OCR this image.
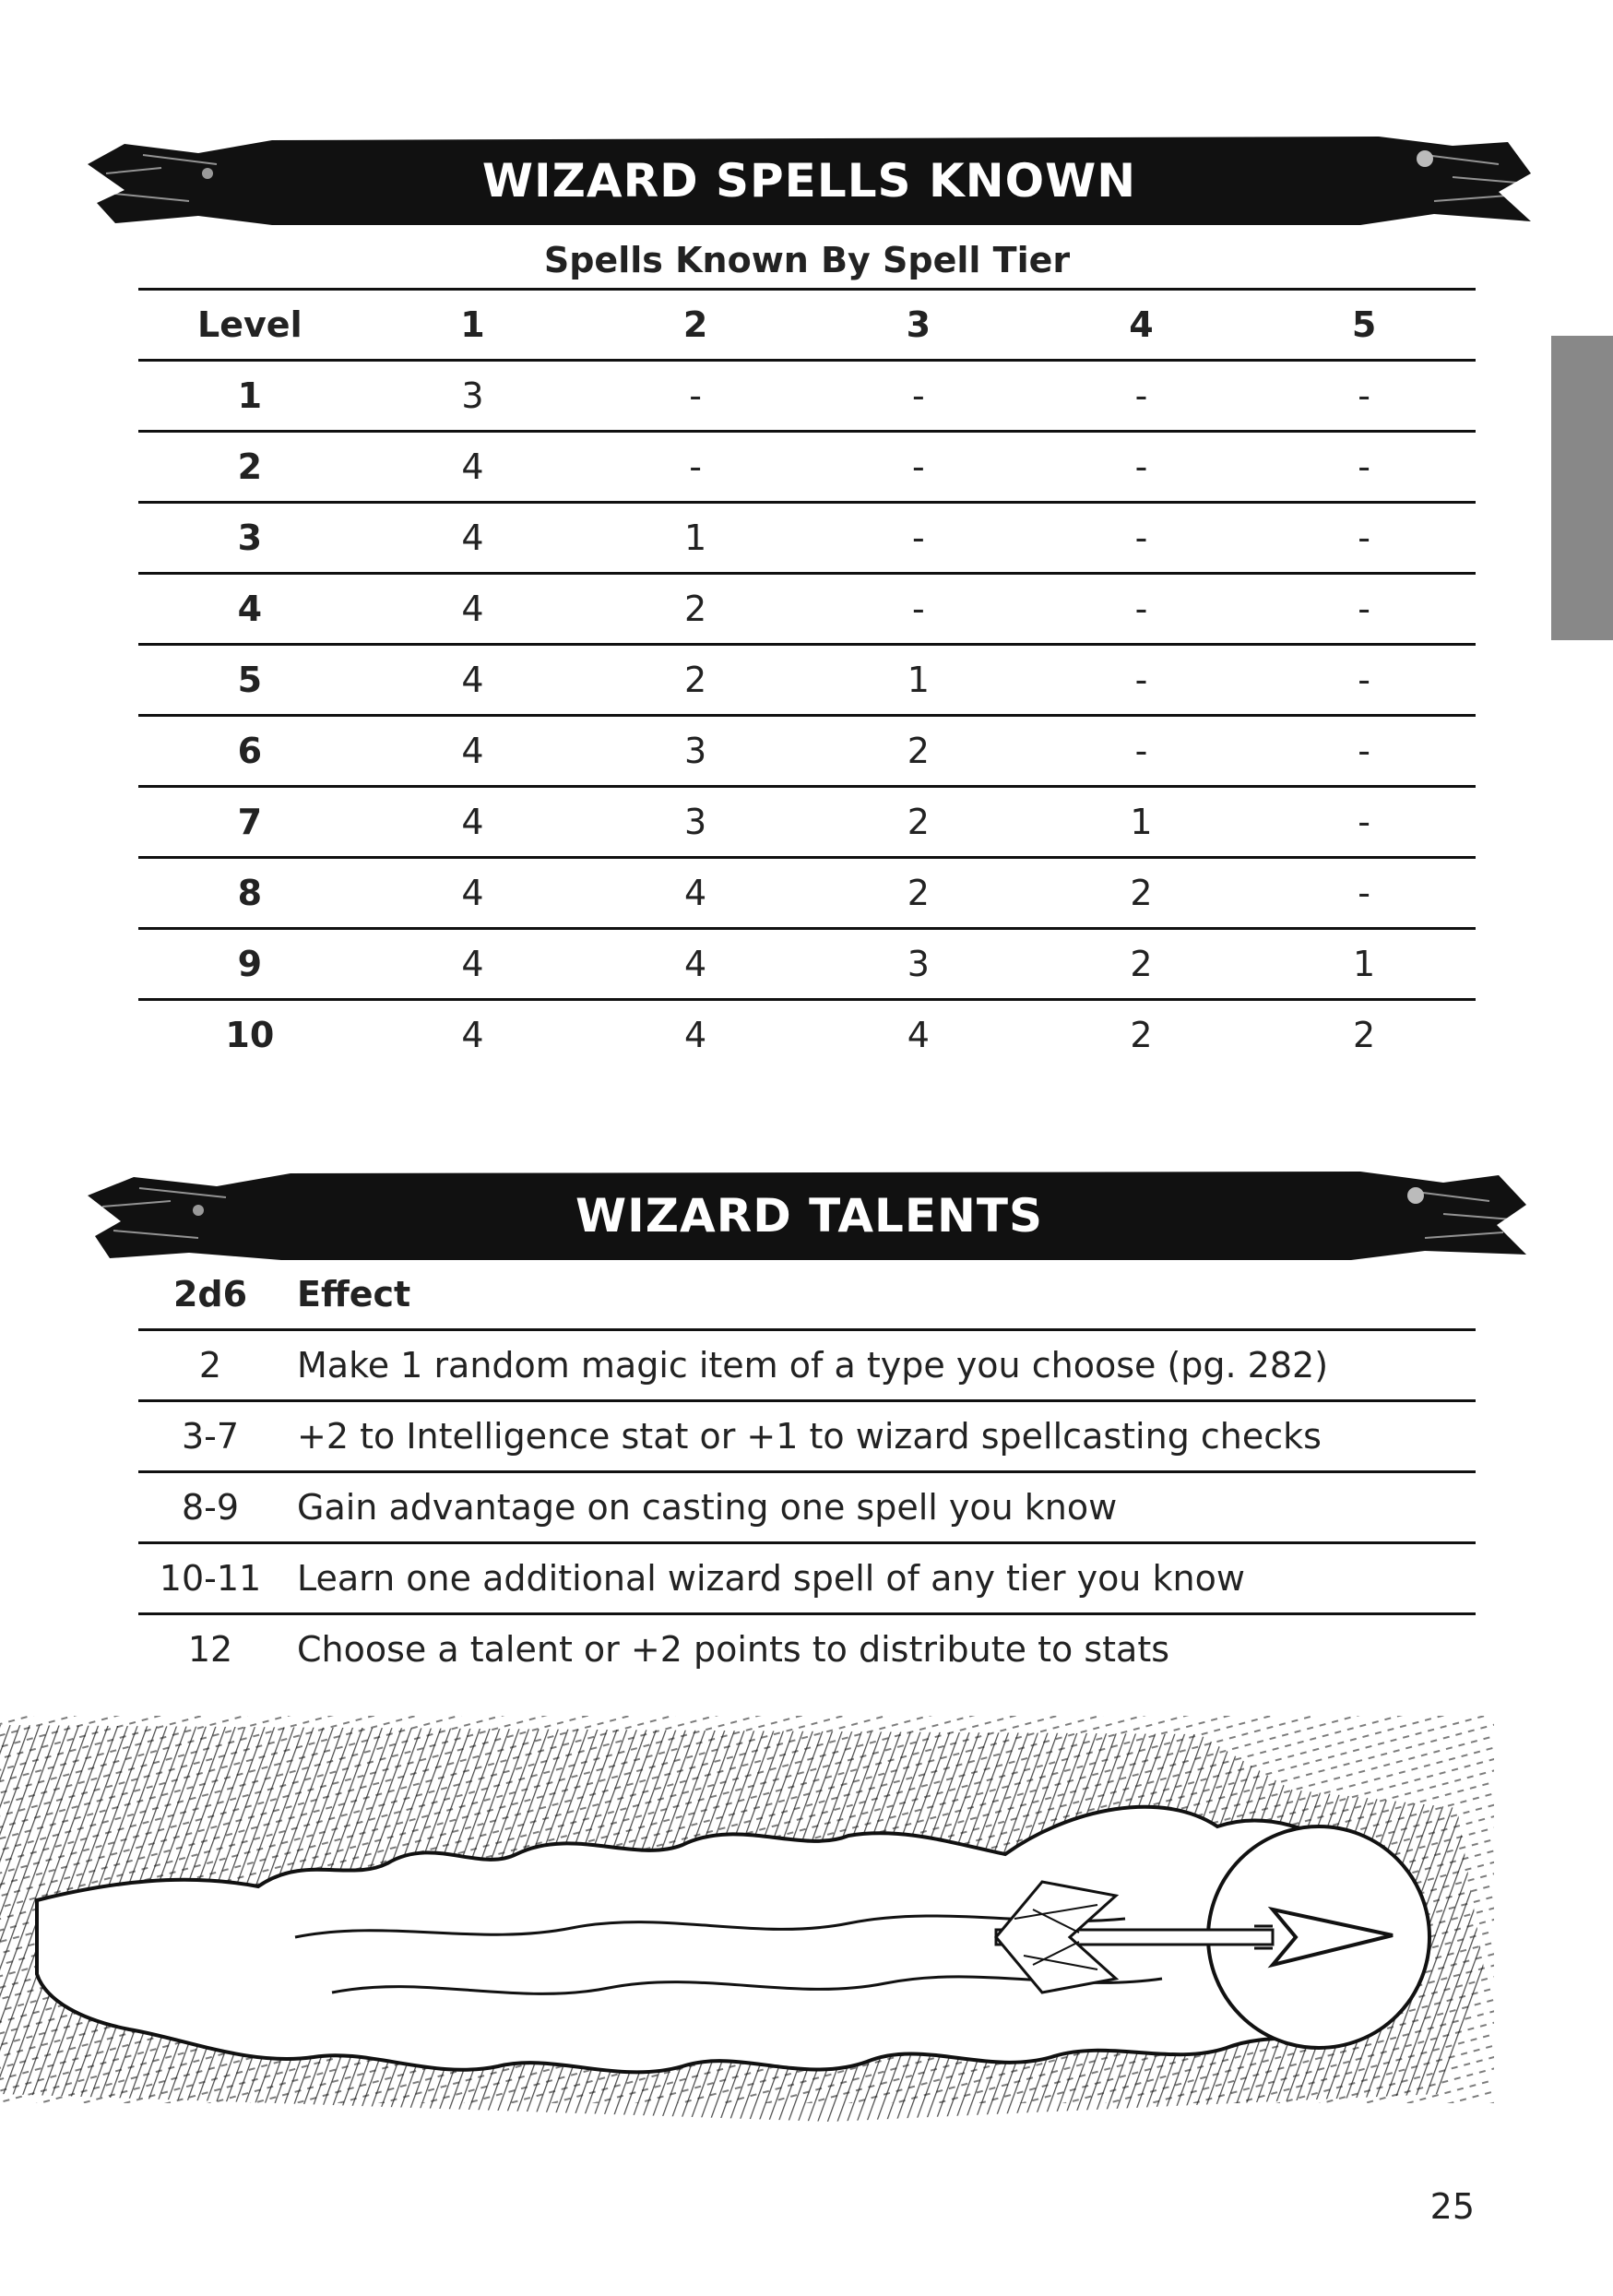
WIZARD SPELLS KNOWN
Spells Known By Spell Tier
Level	1	2	3	4	5
1	3	-	-	-	-
2	4	-	-	-	-
3	4	1	-	-	-
4	4	2	-	-	-
5	4	2	1	-	-
6	4	3	2	-	-
7	4	3	2	1	-
8	4	4	2	2	-
9	4	4	3	2	1
10	4	4	4	2	2
WIZARD TALENTS
2d6	Effect
2	Make 1 random magic item of a type you choose (pg. 282)
3-7	+2 to Intelligence stat or +1 to wizard spellcasting checks
8-9	Gain advantage on casting one spell you know
10-11	Learn one additional wizard spell of any tier you know
12	Choose a talent or +2 points to distribute to stats
25
